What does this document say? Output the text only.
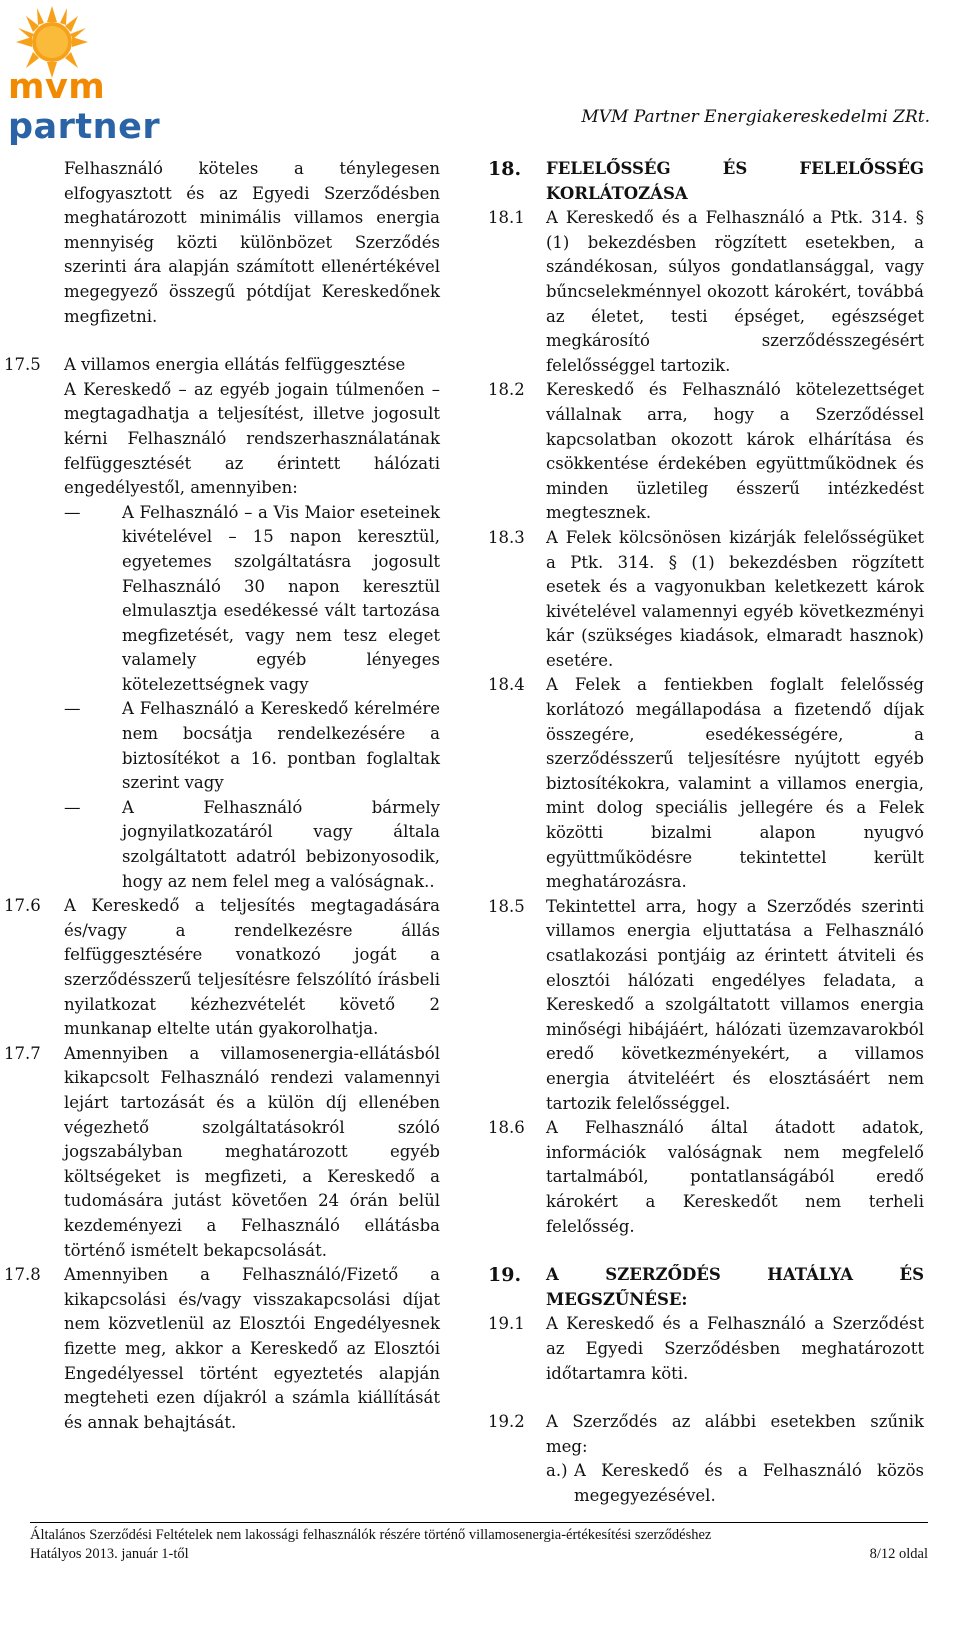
mvm partner	MVM Partner Energiakereskedelmi ZRt.

Felhasználó köteles a ténylegesen elfogyasztott és az Egyedi Szerződésben meghatározott minimális villamos energia mennyiség közti különbözet Szerződés szerinti ára alapján számított ellenértékével megegyező összegű pótdíjat Kereskedőnek megfizetni.

17.5 A villamos energia ellátás felfüggesztése
A Kereskedő – az egyéb jogain túlmenően – megtagadhatja a teljesítést, illetve jogosult kérni Felhasználó rendszerhasználatának felfüggesztését az érintett hálózati engedélyestől, amennyiben:
—	A Felhasználó – a Vis Maior eseteinek kivételével – 15 napon keresztül, egyetemes szolgáltatásra jogosult Felhasználó 30 napon keresztül elmulasztja esedékessé vált tartozása megfizetését, vagy nem tesz eleget valamely egyéb lényeges kötelezettségnek vagy
—	A Felhasználó a Kereskedő kérelmére nem bocsátja rendelkezésére a biztosítékot a 16. pontban foglaltak szerint vagy
—	A Felhasználó bármely jognyilatkozatáról vagy általa szolgáltatott adatról bebizonyosodik, hogy az nem felel meg a valóságnak..
17.6 A Kereskedő a teljesítés megtagadására és/vagy a rendelkezésre állás felfüggesztésére vonatkozó jogát a szerződésszerű teljesítésre felszólító írásbeli nyilatkozat kézhezvételét követő 2 munkanap eltelte után gyakorolhatja.
17.7 Amennyiben a villamosenergia-ellátásból kikapcsolt Felhasználó rendezi valamennyi lejárt tartozását és a külön díj ellenében végezhető szolgáltatásokról szóló jogszabályban meghatározott egyéb költségeket is megfizeti, a Kereskedő a tudomására jutást követően 24 órán belül kezdeményezi a Felhasználó ellátásba történő ismételt bekapcsolását.
17.8 Amennyiben a Felhasználó/Fizető a kikapcsolási és/vagy visszakapcsolási díjat nem közvetlenül az Elosztói Engedélyesnek fizette meg, akkor a Kereskedő az Elosztói Engedélyessel történt egyeztetés alapján megteheti ezen díjakról a számla kiállítását és annak behajtását.
18. FELELŐSSÉG ÉS FELELŐSSÉG
KORLÁTOZÁSA
18.1 A Kereskedő és a Felhasználó a Ptk. 314. § (1) bekezdésben rögzített esetekben, a szándékosan, súlyos gondatlansággal, vagy bűncselekménnyel okozott károkért, továbbá az életet, testi épséget, egészséget megkárosító szerződésszegésért felelősséggel tartozik.
18.2 Kereskedő és Felhasználó kötelezettséget vállalnak arra, hogy a Szerződéssel kapcsolatban okozott károk elhárítása és csökkentése érdekében együttműködnek és minden üzletileg ésszerű intézkedést megtesznek.
18.3 A Felek kölcsönösen kizárják felelősségüket a Ptk. 314. § (1) bekezdésben rögzített esetek és a vagyonukban keletkezett károk kivételével valamennyi egyéb következményi kár (szükséges kiadások, elmaradt hasznok) esetére.
18.4 A Felek a fentiekben foglalt felelősség korlátozó megállapodása a fizetendő díjak összegére, esedékességére, a szerződésszerű teljesítésre nyújtott egyéb biztosítékokra, valamint a villamos energia, mint dolog speciális jellegére és a Felek közötti bizalmi alapon nyugvó együttműködésre tekintettel került meghatározásra.
18.5 Tekintettel arra, hogy a Szerződés szerinti villamos energia eljuttatása a Felhasználó csatlakozási pontjáig az érintett átviteli és elosztói hálózati engedélyes feladata, a Kereskedő a szolgáltatott villamos energia minőségi hibájáért, hálózati üzemzavarokból eredő következményekért, a villamos energia átviteléért és elosztásáért nem tartozik felelősséggel.
18.6 A Felhasználó által átadott adatok, információk valóságnak nem megfelelő tartalmából, pontatlanságából eredő károkért a Kereskedőt nem terheli felelősség.
19. A SZERZŐDÉS HATÁLYA ÉS
MEGSZŰNÉSE:
19.1 A Kereskedő és a Felhasználó a Szerződést az Egyedi Szerződésben meghatározott időtartamra köti.
19.2 A Szerződés az alábbi esetekben szűnik meg:
a.) A Kereskedő és a Felhasználó közös megegyezésével.
Általános Szerződési Feltételek nem lakossági felhasználók részére történő villamosenergia-értékesítési szerződéshez
Hatályos 2013. január 1-től	8/12 oldal
